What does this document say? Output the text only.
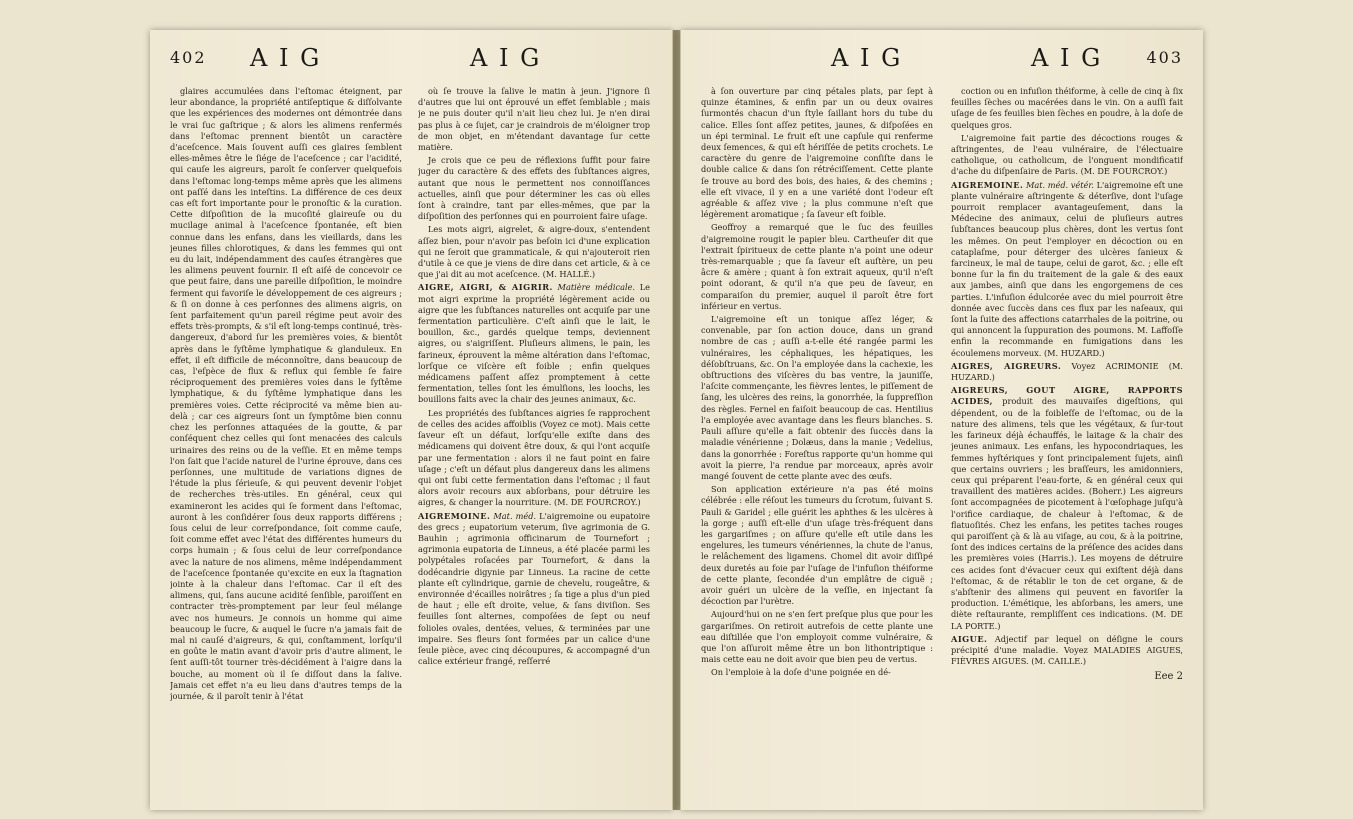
402 A I G	A I G

glaires accumulées dans l'eſtomac éteignent, par leur abondance, la propriété antiſeptique & diſſolvante que les expériences des modernes ont démontrée dans le vrai ſuc gaſtrique ; & alors les alimens renfermés dans l'eſtomac prennent bientôt un caractère d'aceſcence. Mais ſouvent auſſi ces glaires ſemblent elles-mêmes être le ſiége de l'aceſcence ; car l'acidité, qui cauſe les aigreurs, paroît ſe conſerver quelquefois dans l'eſtomac long-temps même après que les alimens ont paſſé dans les inteſtins. La différence de ces deux cas eſt fort importante pour le pronoſtic & la curation. Cette diſpoſition de la mucoſité glaireuſe ou du mucilage animal à l'aceſcence ſpontanée, eſt bien connue dans les enfans, dans les vieillards, dans les jeunes filles chlorotiques, & dans les femmes qui ont eu du lait, indépendamment des cauſes étrangères que les alimens peuvent fournir. Il eſt aiſé de concevoir ce que peut faire, dans une pareille diſpoſition, le moindre ferment qui favoriſe le développement de ces aigreurs ; & ſi on donne à ces perſonnes des alimens aigris, on ſent parfaitement qu'un pareil régime peut avoir des effets très-prompts, & s'il eſt long-temps continué, très-dangereux, d'abord ſur les premières voies, & bientôt après dans le ſyſtême lymphatique & glanduleux. En effet, il eſt difficile de méconnoître, dans beaucoup de cas, l'eſpèce de flux & reflux qui ſemble ſe faire réciproquement des premières voies dans le ſyſtême lymphatique, & du ſyſtême lymphatique dans les premières voies. Cette réciprocité va même bien au-delà ; car ces aigreurs ſont un ſymptôme bien connu chez les perſonnes attaquées de la goutte, & par conſéquent chez celles qui ſont menacées des calculs urinaires des reins ou de la veſſie. Et en même temps l'on ſait que l'acide naturel de l'urine éprouve, dans ces perſonnes, une multitude de variations dignes de l'étude la plus ſérieuſe, & qui peuvent devenir l'objet de recherches très-utiles. En général, ceux qui examineront les acides qui ſe forment dans l'eſtomac, auront à les conſidérer ſous deux rapports différens ; ſous celui de leur correſpondance, ſoit comme cauſe, ſoit comme effet avec l'état des différentes humeurs du corps humain ; & ſous celui de leur correſpondance avec la nature de nos alimens, même indépendamment de l'aceſcence ſpontanée qu'excite en eux la ſtagnation jointe à la chaleur dans l'eſtomac. Car il eſt des alimens, qui, ſans aucune acidité ſenſible, paroiſſent en contracter très-promptement par leur ſeul mélange avec nos humeurs. Je connois un homme qui aime beaucoup le ſucre, & auquel le ſucre n'a jamais fait de mal ni cauſé d'aigreurs, & qui, conſtamment, lorſqu'il en goûte le matin avant d'avoir pris d'autre aliment, le ſent auſſi-tôt tourner très-décidément à l'aigre dans la bouche, au moment où il ſe diſſout dans la ſalive. Jamais cet effet n'a eu lieu dans d'autres temps de la journée, & il paroît tenir à l'état

où ſe trouve la ſalive le matin à jeun. J'ignore ſi d'autres que lui ont éprouvé un effet ſemblable ; mais je ne puis douter qu'il n'ait lieu chez lui. Je n'en dirai pas plus à ce ſujet, car je craindrois de m'éloigner trop de mon objet, en m'étendant davantage ſur cette matière.

Je crois que ce peu de réflexions ſuffit pour faire juger du caractère & des effets des ſubſtances aigres, autant que nous le permettent nos connoiſſances actuelles, ainſi que pour déterminer les cas où elles ſont à craindre, tant par elles-mêmes, que par la diſpoſition des perſonnes qui en pourroient faire uſage.

Les mots aigri, aigrelet, & aigre-doux, s'entendent aſſez bien, pour n'avoir pas beſoin ici d'une explication qui ne ſeroit que grammaticale, & qui n'ajouteroit rien d'utile à ce que je viens de dire dans cet article, & à ce que j'ai dit au mot aceſcence. (M. HALLÉ.)

AIGRE, AIGRI, & AIGRIR. Matière médicale. Le mot aigri exprime la propriété légèrement acide ou aigre que les ſubſtances naturelles ont acquiſe par une fermentation particulière. C'eſt ainſi que le lait, le bouillon, &c., gardés quelque temps, deviennent aigres, ou s'aigriſſent. Pluſieurs alimens, le pain, les farineux, éprouvent la même altération dans l'eſtomac, lorſque ce viſcère eſt foible ; enfin quelques médicamens paſſent aſſez promptement à cette fermentation, telles ſont les émulſions, les loochs, les bouillons faits avec la chair des jeunes animaux, &c.

Les propriétés des ſubſtances aigries ſe rapprochent de celles des acides affoiblis (Voyez ce mot). Mais cette ſaveur eſt un défaut, lorſqu'elle exiſte dans des médicamens qui doivent être doux, & qui l'ont acquiſe par une fermentation : alors il ne faut point en faire uſage ; c'eſt un défaut plus dangereux dans les alimens qui ont ſubi cette fermentation dans l'eſtomac ; il faut alors avoir recours aux abſorbans, pour détruire les aigres, & changer la nourriture. (M. DE FOURCROY.)

AIGREMOINE. Mat. méd. L'aigremoine ou eupatoire des grecs ; eupatorium veterum, ſive agrimonia de G. Bauhin ; agrimonia officinarum de Tournefort ; agrimonia eupatoria de Linneus, a été placée parmi les polypétales roſacées par Tournefort, & dans la dodécandrie digynie par Linneus. La racine de cette plante eſt cylindrique, garnie de chevelu, rougeâtre, & environnée d'écailles noirâtres ; ſa tige a plus d'un pied de haut ; elle eſt droite, velue, & ſans diviſion. Ses feuilles ſont alternes, compoſées de ſept ou neuf folioles ovales, dentées, velues, & terminées par une impaire. Ses fleurs ſont formées par un calice d'une ſeule pièce, avec cinq découpures, & accompagné d'un calice extérieur frangé, reſſerré

A I G	A I G	403

à ſon ouverture par cinq pétales plats, par ſept à quinze étamines, & enfin par un ou deux ovaires ſurmontés chacun d'un ſtyle ſaillant hors du tube du calice. Elles ſont aſſez petites, jaunes, & diſpoſées en un épi terminal. Le fruit eſt une capſule qui renferme deux ſemences, & qui eſt hériſſée de petits crochets. Le caractère du genre de l'aigremoine conſiſte dans le double calice & dans ſon rétréciſſement. Cette plante ſe trouve au bord des bois, des haies, & des chemins ; elle eſt vivace, il y en a une variété dont l'odeur eſt agréable & aſſez vive ; la plus commune n'eſt que légèrement aromatique ; ſa ſaveur eſt foible.

Geoffroy a remarqué que le ſuc des feuilles d'aigremoine rougit le papier bleu. Cartheuſer dit que l'extrait ſpiritueux de cette plante n'a point une odeur très-remarquable ; que ſa ſaveur eſt auſtère, un peu âcre & amère ; quant à ſon extrait aqueux, qu'il n'eſt point odorant, & qu'il n'a que peu de ſaveur, en comparaiſon du premier, auquel il paroît être fort inférieur en vertus.

L'aigremoine eſt un tonique aſſez léger, & convenable, par ſon action douce, dans un grand nombre de cas ; auſſi a-t-elle été rangée parmi les vulnéraires, les céphaliques, les hépatiques, les déſobſtruans, &c. On l'a employée dans la cachexie, les obſtructions des viſcères du bas ventre, la jauniſſe, l'aſcite commençante, les fièvres lentes, le piſſement de ſang, les ulcères des reins, la gonorrhée, la ſuppreſſion des règles. Fernel en faiſoit beaucoup de cas. Hentilius l'a employée avec avantage dans les fleurs blanches. S. Pauli aſſure qu'elle a fait obtenir des ſuccès dans la maladie vénérienne ; Dolæus, dans la manie ; Vedelius, dans la gonorrhée : Foreſtus rapporte qu'un homme qui avoit la pierre, l'a rendue par morceaux, après avoir mangé ſouvent de cette plante avec des œufs.

Son application extérieure n'a pas été moins célébrée : elle réſout les tumeurs du ſcrotum, ſuivant S. Pauli & Garidel ; elle guérit les aphthes & les ulcères à la gorge ; auſſi eſt-elle d'un uſage très-fréquent dans les gargariſmes ; on aſſure qu'elle eſt utile dans les engelures, les tumeurs vénériennes, la chute de l'anus, le relâchement des ligamens. Chomel dit avoir diſſipé deux duretés au foie par l'uſage de l'infuſion théiforme de cette plante, ſecondée d'un emplâtre de ciguë ; avoir guéri un ulcère de la veſſie, en injectant ſa décoction par l'urètre.

Aujourd'hui on ne s'en ſert preſque plus que pour les gargariſmes. On retiroit autrefois de cette plante une eau diſtillée que l'on employoit comme vulnéraire, & que l'on aſſuroit même être un bon lithontriptique : mais cette eau ne doit avoir que bien peu de vertus.

On l'emploie à la doſe d'une poignée en dé-

coction ou en infuſion théiforme, à celle de cinq à ſix feuilles ſèches ou macérées dans le vin. On a auſſi fait uſage de ſes feuilles bien ſèches en poudre, à la doſe de quelques gros.

L'aigremoine fait partie des décoctions rouges & aſtringentes, de l'eau vulnéraire, de l'électuaire catholique, ou catholicum, de l'onguent mondificatif d'ache du diſpenſaire de Paris. (M. DE FOURCROY.)

AIGREMOINE. Mat. méd. vétér. L'aigremoine eſt une plante vulnéraire aſtringente & déterſive, dont l'uſage pourroit remplacer avantageuſement, dans la Médecine des animaux, celui de pluſieurs autres ſubſtances beaucoup plus chères, dont les vertus ſont les mêmes. On peut l'employer en décoction ou en cataplaſme, pour déterger des ulcères ſanieux & farcineux, le mal de taupe, celui de garot, &c. ; elle eſt bonne ſur la fin du traitement de la gale & des eaux aux jambes, ainſi que dans les engorgemens de ces parties. L'infuſion édulcorée avec du miel pourroit être donnée avec ſuccès dans ces flux par les naſeaux, qui ſont la ſuite des affections catarrhales de la poitrine, ou qui annoncent la ſuppuration des poumons. M. Laffoſſe enfin la recommande en fumigations dans les écoulemens morveux. (M. HUZARD.)

AIGRES, AIGREURS. Voyez ACRIMONIE (M. HUZARD.)

AIGREURS, GOUT AIGRE, RAPPORTS ACIDES, produit des mauvaiſes digeſtions, qui dépendent, ou de la foibleſſe de l'eſtomac, ou de la nature des alimens, tels que les végétaux, & ſur-tout les farineux déjà échauffés, le laitage & la chair des jeunes animaux. Les enfans, les hypocondriaques, les femmes hyſtériques y ſont principalement ſujets, ainſi que certains ouvriers ; les braſſeurs, les amidonniers, ceux qui préparent l'eau-forte, & en général ceux qui travaillent des matières acides. (Boherr.) Les aigreurs ſont accompagnées de picotement à l'œſophage juſqu'à l'orifice cardiaque, de chaleur à l'eſtomac, & de flatuoſités. Chez les enfans, les petites taches rouges qui paroiſſent çà & là au viſage, au cou, & à la poitrine, ſont des indices certains de la préſence des acides dans les premières voies (Harris.). Les moyens de détruire ces acides ſont d'évacuer ceux qui exiſtent déjà dans l'eſtomac, & de rétablir le ton de cet organe, & de s'abſtenir des alimens qui peuvent en favoriſer la production. L'émétique, les abſorbans, les amers, une diète reſtaurante, rempliſſent ces indications. (M. DE LA PORTE.)

AIGUE. Adjectif par lequel on déſigne le cours précipité d'une maladie. Voyez MALADIES AIGUES, FIÈVRES AIGUES. (M. CAILLE.)

Eee 2
